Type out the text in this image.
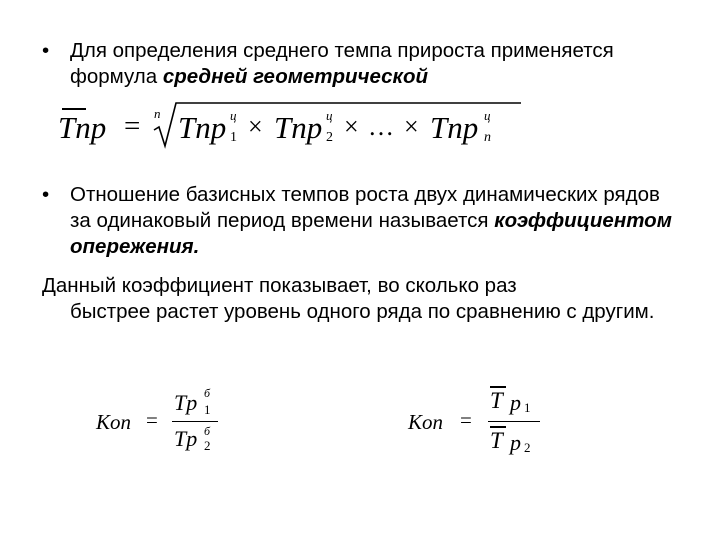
•	Для определения среднего темпа прироста применяется формула средней геометрической
Tпр = n Tпр ц
1 × Tпр ц
2 × … × Tпр ц
n
•	Отношение базисных темпов роста двух динамических рядов за одинаковый период времени называется коэффициентом опережения.
Данный коэффициент показывает, во сколько раз
быстрее растет уровень одного ряда по сравнению с другим.
Kоп =
Tp б
1
Tp б
2
Kоп =
T p 1
T p 2
